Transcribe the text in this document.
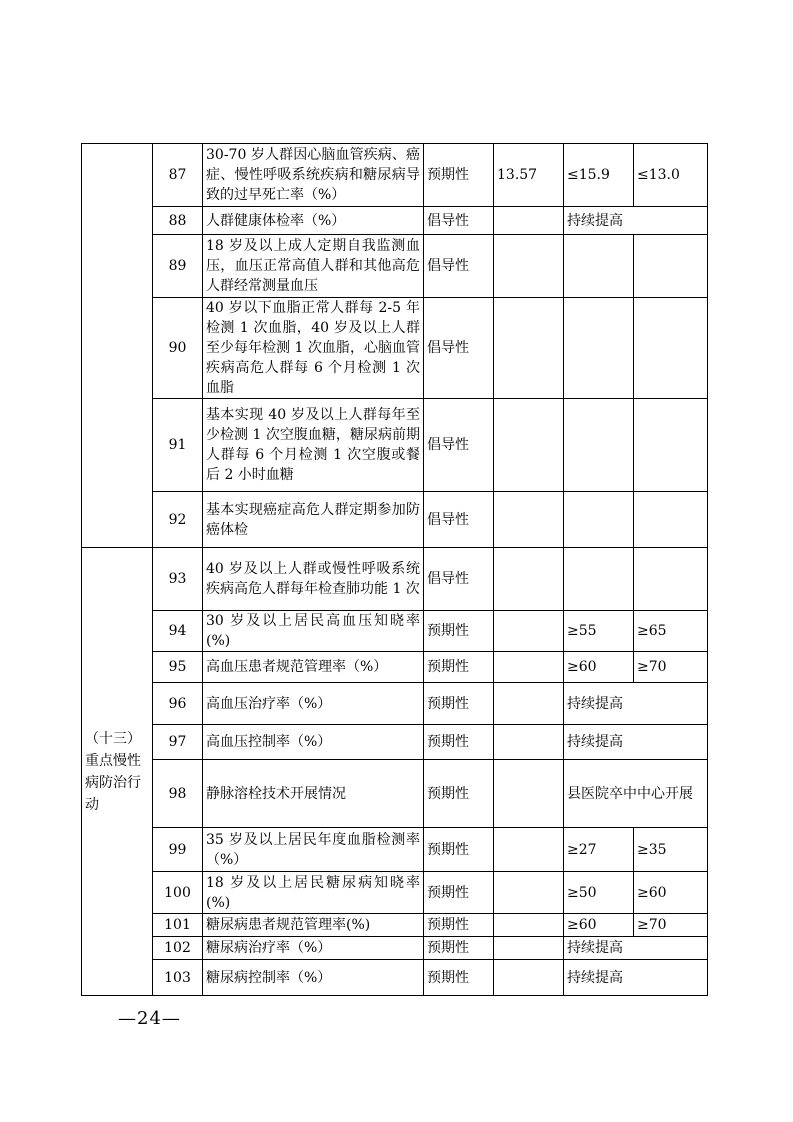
	87	30-70 岁人群因心脑血管疾病、癌症、慢性呼吸系统疾病和糖尿病导致的过早死亡率（%）	预期性	13.57	≤15.9	≤13.0
	88	人群健康体检率（%）	倡导性		持续提高	
	89	18 岁及以上成人定期自我监测血压，血压正常高值人群和其他高危人群经常测量血压	倡导性			
	90	40 岁以下血脂正常人群每 2-5 年检测 1 次血脂，40 岁及以上人群至少每年检测 1 次血脂，心脑血管疾病高危人群每 6 个月检测 1 次血脂	倡导性			
	91	基本实现 40 岁及以上人群每年至少检测 1 次空腹血糖，糖尿病前期人群每 6 个月检测 1 次空腹或餐后 2 小时血糖	倡导性			
	92	基本实现癌症高危人群定期参加防癌体检	倡导性			
（十三）重点慢性病防治行动	93	40 岁及以上人群或慢性呼吸系统疾病高危人群每年检查肺功能 1 次	倡导性			
	94	30 岁及以上居民高血压知晓率(%)	预期性		≥55	≥65
	95	高血压患者规范管理率（%）	预期性		≥60	≥70
	96	高血压治疗率（%）	预期性		持续提高	
	97	高血压控制率（%）	预期性		持续提高	
	98	静脉溶栓技术开展情况	预期性		县医院卒中中心开展	
	99	35 岁及以上居民年度血脂检测率（%）	预期性		≥27	≥35
	100	18 岁及以上居民糖尿病知晓率(%)	预期性		≥50	≥60
	101	糖尿病患者规范管理率(%)	预期性		≥60	≥70
	102	糖尿病治疗率（%）	预期性		持续提高	
	103	糖尿病控制率（%）	预期性		持续提高	
—24—
